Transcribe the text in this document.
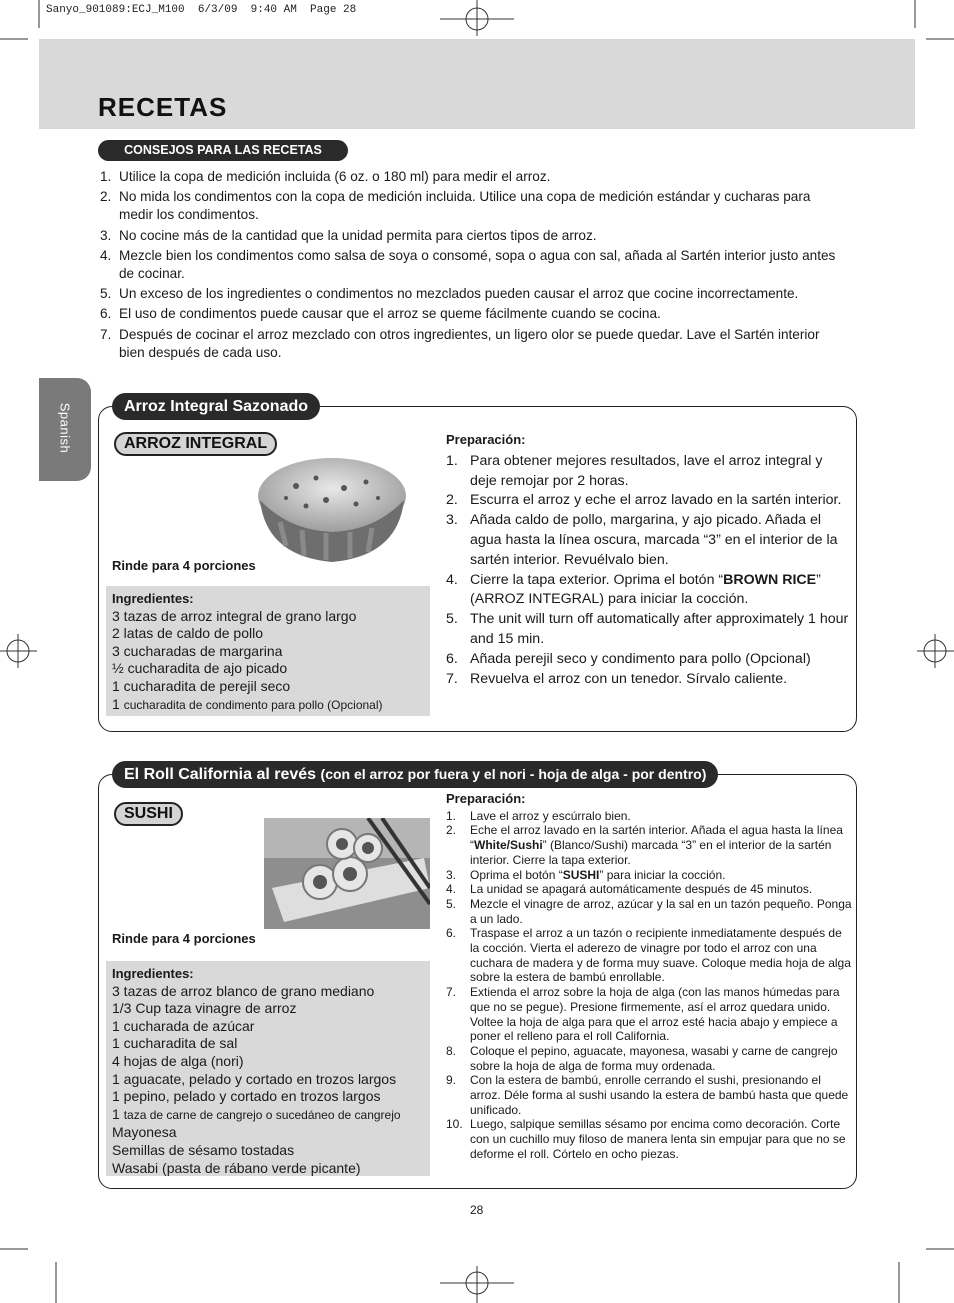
Sanyo_901089:ECJ_M100  6/3/09  9:40 AM  Page 28
RECETAS
CONSEJOS PARA LAS RECETAS
1. Utilice la copa de medición incluida (6 oz. o 180 ml) para medir el arroz.
2. No mida los condimentos con la copa de medición incluida. Utilice una copa de medición estándar y cucharas para medir los condimentos.
3. No cocine más de la cantidad que la unidad permita para ciertos tipos de arroz.
4. Mezcle bien los condimentos como salsa de soya o consomé, sopa o agua con sal, añada al Sartén interior justo antes de cocinar.
5. Un exceso de los ingredientes o condimentos no mezclados pueden causar el arroz que cocine incorrectamente.
6. El uso de condimentos puede causar que el arroz se queme fácilmente cuando se cocina.
7. Después de cocinar el arroz mezclado con otros ingredientes, un ligero olor se puede quedar. Lave el Sartén interior bien después de cada uso.
Spanish	Arroz Integral Sazonado
ARROZ INTEGRAL
Rinde para 4 porciones
Ingredientes:
3 tazas de arroz integral de grano largo
2 latas de caldo de pollo
3 cucharadas de margarina
½ cucharadita de ajo picado
1 cucharadita de perejil seco
1 cucharadita de condimento para pollo (Opcional)
Preparación:
1. Para obtener mejores resultados, lave el arroz integral y deje remojar por 2 horas.
2. Escurra el arroz y eche el arroz lavado en la sartén interior.
3. Añada caldo de pollo, margarina, y ajo picado. Añada el agua hasta la línea oscura, marcada “3” en el interior de la sartén interior. Revuélvalo bien.
4. Cierre la tapa exterior. Oprima el botón “BROWN RICE” (ARROZ INTEGRAL) para iniciar la cocción.
5. The unit will turn off automatically after approximately 1 hour and 15 min.
6. Añada perejil seco y condimento para pollo (Opcional)
7. Revuelva el arroz con un tenedor. Sírvalo caliente.
El Roll California al revés (con el arroz por fuera y el nori - hoja de alga - por dentro)
SUSHI
Rinde para 4 porciones
Ingredientes:
3 tazas de arroz blanco de grano mediano
1/3 Cup taza vinagre de arroz
1 cucharada de azúcar
1 cucharadita de sal
4 hojas de alga (nori)
1 aguacate, pelado y cortado en trozos largos
1 pepino, pelado y cortado en trozos largos
1 taza de carne de cangrejo o sucedáneo de cangrejo
Mayonesa
Semillas de sésamo tostadas
Wasabi (pasta de rábano verde picante)
Preparación:
1. Lave el arroz y escúrralo bien.
2. Eche el arroz lavado en la sartén interior. Añada el agua hasta la línea “White/Sushi” (Blanco/Sushi) marcada “3” en el interior de la sartén interior. Cierre la tapa exterior.
3. Oprima el botón “SUSHI” para iniciar la cocción.
4. La unidad se apagará automáticamente después de 45 minutos.
5. Mezcle el vinagre de arroz, azúcar y la sal en un tazón pequeño. Ponga a un lado.
6. Traspase el arroz a un tazón o recipiente inmediatamente después de la cocción. Vierta el aderezo de vinagre por todo el arroz con una cuchara de madera y de forma muy suave. Coloque media hoja de alga sobre la estera de bambú enrollable.
7. Extienda el arroz sobre la hoja de alga (con las manos húmedas para que no se pegue). Presione firmemente, así el arroz quedara unido. Voltee la hoja de alga para que el arroz esté hacia abajo y empiece a poner el relleno para el roll California.
8. Coloque el pepino, aguacate, mayonesa, wasabi y carne de cangrejo sobre la hoja de alga de forma muy ordenada.
9. Con la estera de bambú, enrolle cerrando el sushi, presionando el arroz. Déle forma al sushi usando la estera de bambú hasta que quede unificado.
10. Luego, salpique semillas sésamo por encima como decoración. Corte con un cuchillo muy filoso de manera lenta sin empujar para que no se deforme el roll. Córtelo en ocho piezas.
28
